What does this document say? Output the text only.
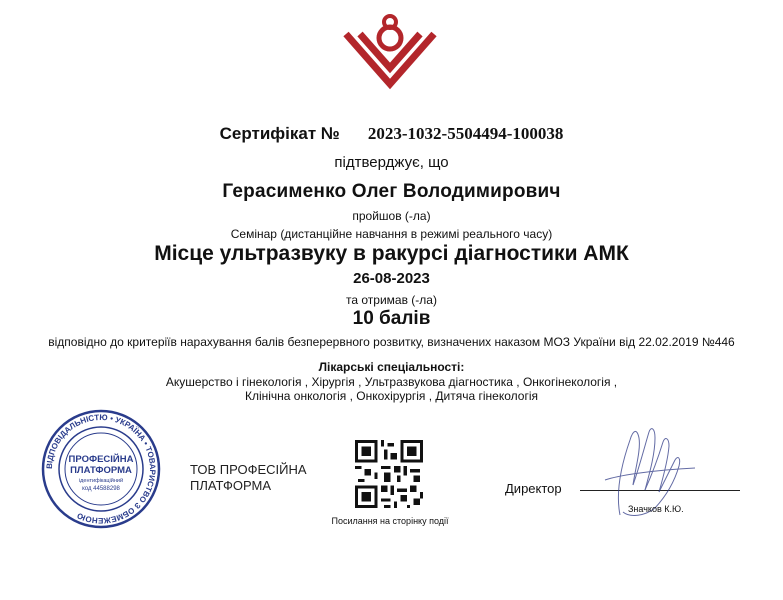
Сертифікат № 2023-1032-5504494-100038
підтверджує, що
Герасименко Олег Володимирович
пройшов (-ла)
Семінар (дистанційне навчання в режимі реального часу)
Місце ультразвуку в ракурсі діагностики АМК
26-08-2023
та отримав (-ла)
10 балів
відповідно до критеріїв нарахування балів безперервного розвитку, визначених наказом МОЗ України від 22.02.2019 №446
Лікарські спеціальності:
Акушерство і гінекологія , Хірургія , Ультразвукова діагностика , Онкогінекологія ,
Клінічна онкологія , Онкохірургія , Дитяча гінекологія
ВІДПОВІДАЛЬНІСТЮ • УКРАЇНА • ТОВАРИСТВО З ОБМЕЖЕНОЮ
ПРОФЕСІЙНА
ПЛАТФОРМА
ідентифікаційний
код 44588298
ТОВ ПРОФЕСІЙНА
ПЛАТФОРМА
Посилання на сторінку події
Директор
Значков К.Ю.
